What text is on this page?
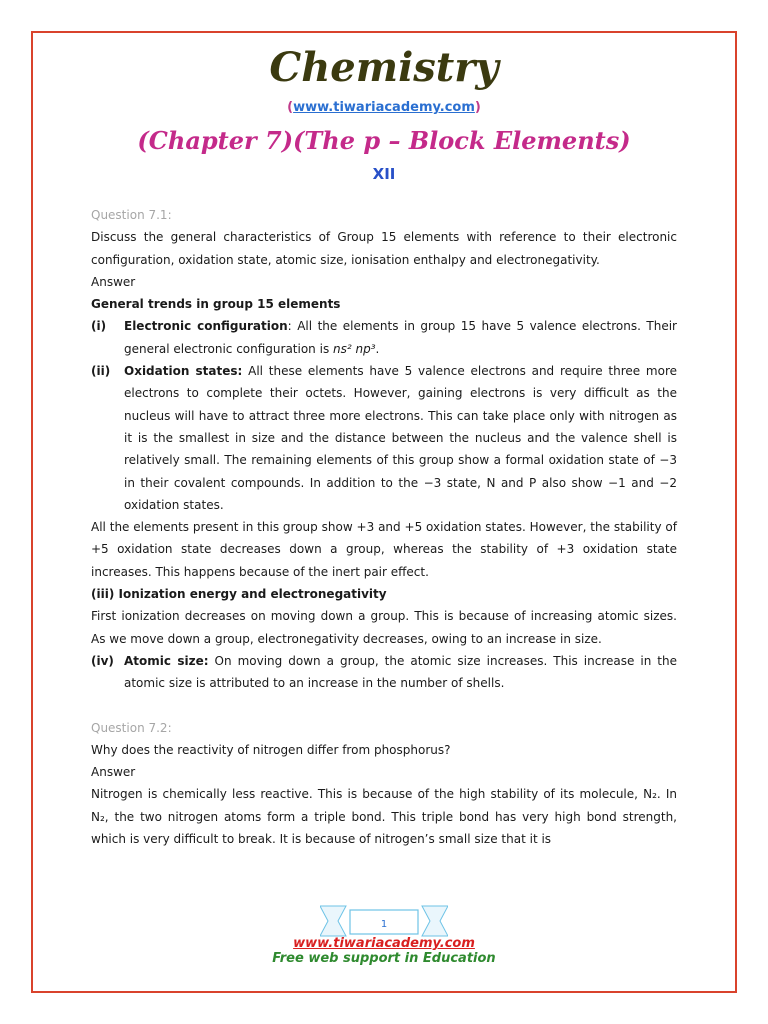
Chemistry
(www.tiwariacademy.com)
(Chapter 7)(The p – Block Elements)
XII

Question 7.1:

Discuss the general characteristics of Group 15 elements with reference to their electronic configuration, oxidation state, atomic size, ionisation enthalpy and electronegativity.

Answer

General trends in group 15 elements

(i)	Electronic configuration: All the elements in group 15 have 5 valence electrons. Their general electronic configuration is ns² np³.
(ii)	Oxidation states: All these elements have 5 valence electrons and require three more electrons to complete their octets. However, gaining electrons is very difficult as the nucleus will have to attract three more electrons. This can take place only with nitrogen as it is the smallest in size and the distance between the nucleus and the valence shell is relatively small. The remaining elements of this group show a formal oxidation state of −3 in their covalent compounds. In addition to the −3 state, N and P also show −1 and −2 oxidation states.

All the elements present in this group show +3 and +5 oxidation states. However, the stability of +5 oxidation state decreases down a group, whereas the stability of +3 oxidation state increases. This happens because of the inert pair effect.

(iii) Ionization energy and electronegativity

First ionization decreases on moving down a group. This is because of increasing atomic sizes. As we move down a group, electronegativity decreases, owing to an increase in size.

(iv) Atomic size: On moving down a group, the atomic size increases. This increase in the atomic size is attributed to an increase in the number of shells.

Question 7.2:

Why does the reactivity of nitrogen differ from phosphorus?

Answer

Nitrogen is chemically less reactive. This is because of the high stability of its molecule, N₂. In N₂, the two nitrogen atoms form a triple bond. This triple bond has very high bond strength, which is very difficult to break. It is because of nitrogen’s small size that it is

1
www.tiwariacademy.com
Free web support in Education
